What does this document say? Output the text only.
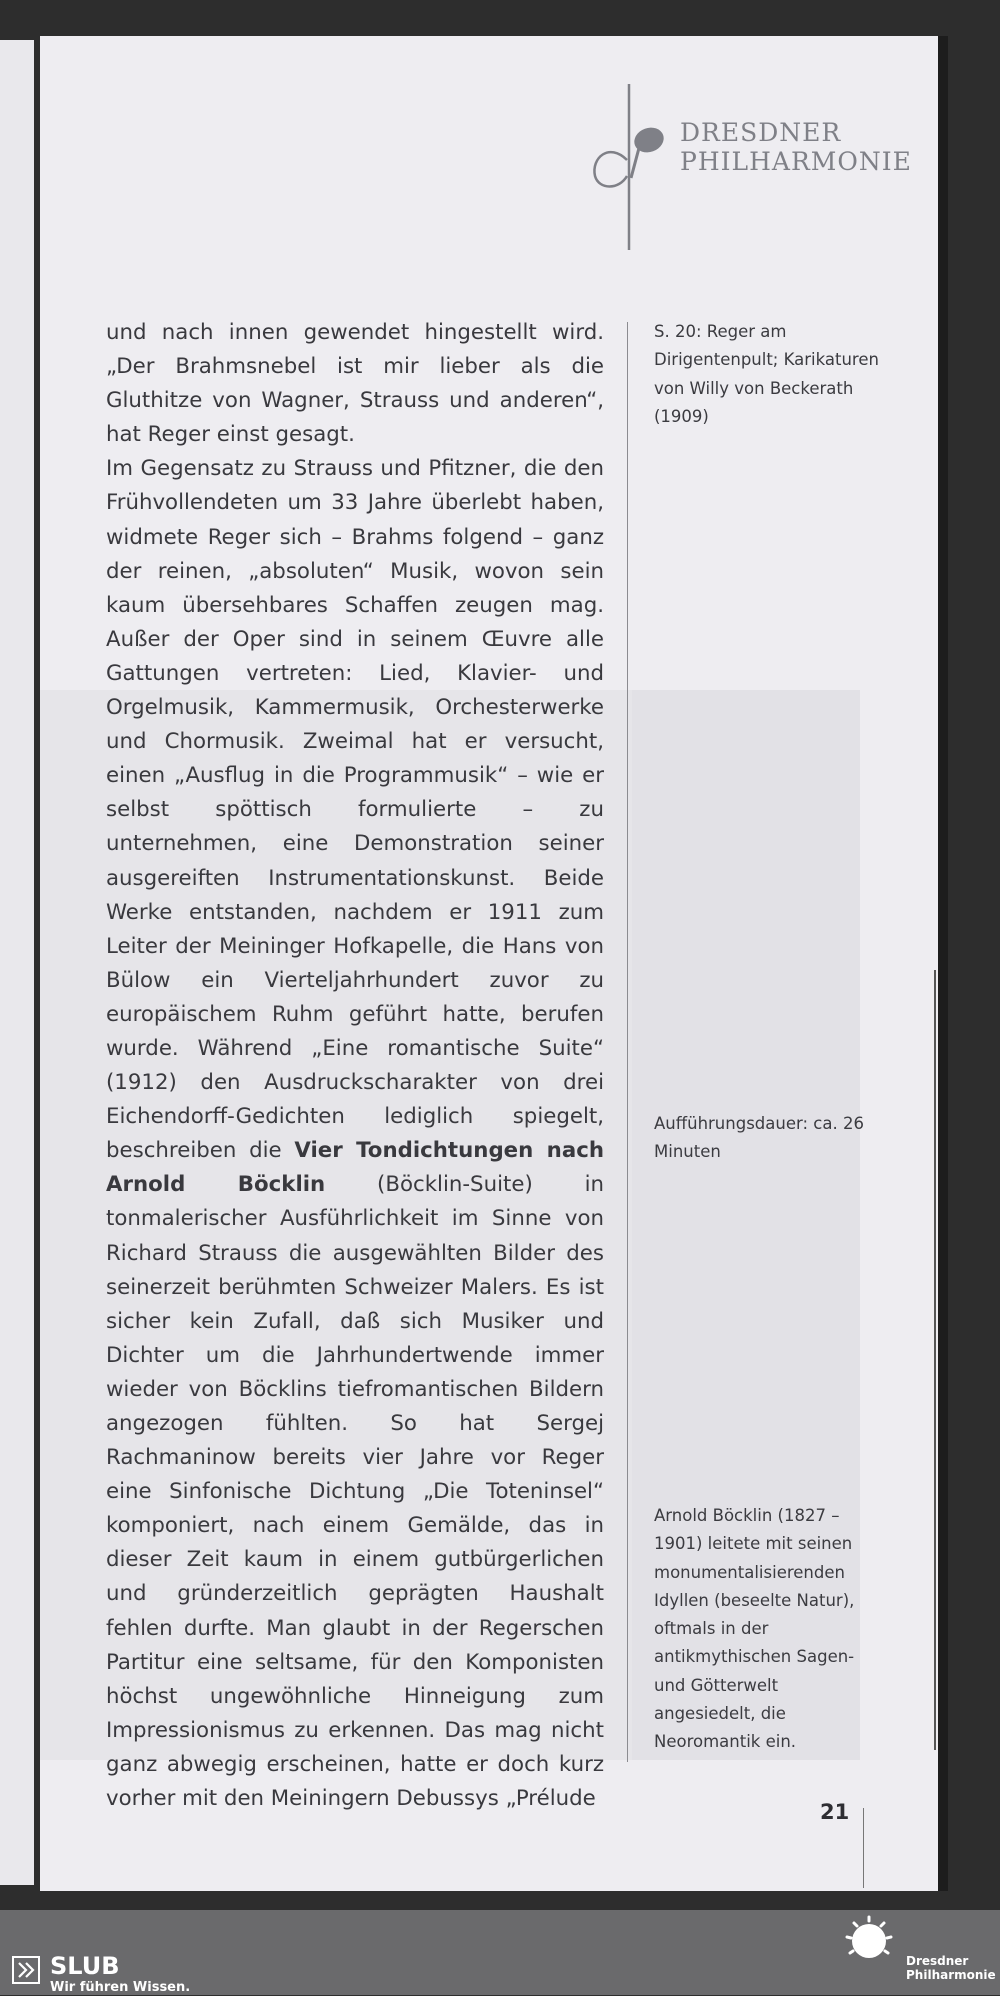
DRESDNER
PHILHARMONIE

und nach innen gewendet hingestellt wird. „Der Brahmsnebel ist mir lieber als die Gluthitze von Wagner, Strauss und anderen“, hat Reger einst gesagt.

Im Gegensatz zu Strauss und Pfitzner, die den Frühvollendeten um 33 Jahre überlebt haben, widmete Reger sich – Brahms folgend – ganz der reinen, „absoluten“ Musik, wovon sein kaum übersehbares Schaffen zeugen mag. Außer der Oper sind in seinem Œuvre alle Gattungen vertreten: Lied, Klavier- und Orgelmusik, Kammermusik, Orchesterwerke und Chormusik. Zweimal hat er versucht, einen „Ausflug in die Programmusik“ – wie er selbst spöttisch formulierte – zu unternehmen, eine Demonstration seiner ausgereiften Instrumentationskunst. Beide Werke entstanden, nachdem er 1911 zum Leiter der Meininger Hofkapelle, die Hans von Bülow ein Vierteljahrhundert zuvor zu europäischem Ruhm geführt hatte, berufen wurde. Während „Eine romantische Suite“ (1912) den Ausdruckscharakter von drei Eichendorff-Gedichten lediglich spiegelt, beschreiben die Vier Tondichtungen nach Arnold Böcklin (Böcklin-Suite) in tonmalerischer Ausführlichkeit im Sinne von Richard Strauss die ausgewählten Bilder des seinerzeit berühmten Schweizer Malers. Es ist sicher kein Zufall, daß sich Musiker und Dichter um die Jahrhundertwende immer wieder von Böcklins tiefromantischen Bildern angezogen fühlten. So hat Sergej Rachmaninow bereits vier Jahre vor Reger eine Sinfonische Dichtung „Die Toteninsel“ komponiert, nach einem Gemälde, das in dieser Zeit kaum in einem gutbürgerlichen und gründerzeitlich geprägten Haushalt fehlen durfte. Man glaubt in der Regerschen Partitur eine seltsame, für den Komponisten höchst ungewöhnliche Hinneigung zum Impressionismus zu erkennen. Das mag nicht ganz abwegig erscheinen, hatte er doch kurz vorher mit den Meiningern Debussys „Prélude

S. 20: Reger am Dirigentenpult; Karikaturen von Willy von Beckerath (1909)
Aufführungsdauer: ca. 26 Minuten
Arnold Böcklin (1827 – 1901) leitete mit seinen monumentalisierenden Idyllen (beseelte Natur), oftmals in der antikmythischen Sagen- und Götterwelt angesiedelt, die Neoromantik ein.
21
SLUB
Wir führen Wissen.
Dresdner
Philharmonie
